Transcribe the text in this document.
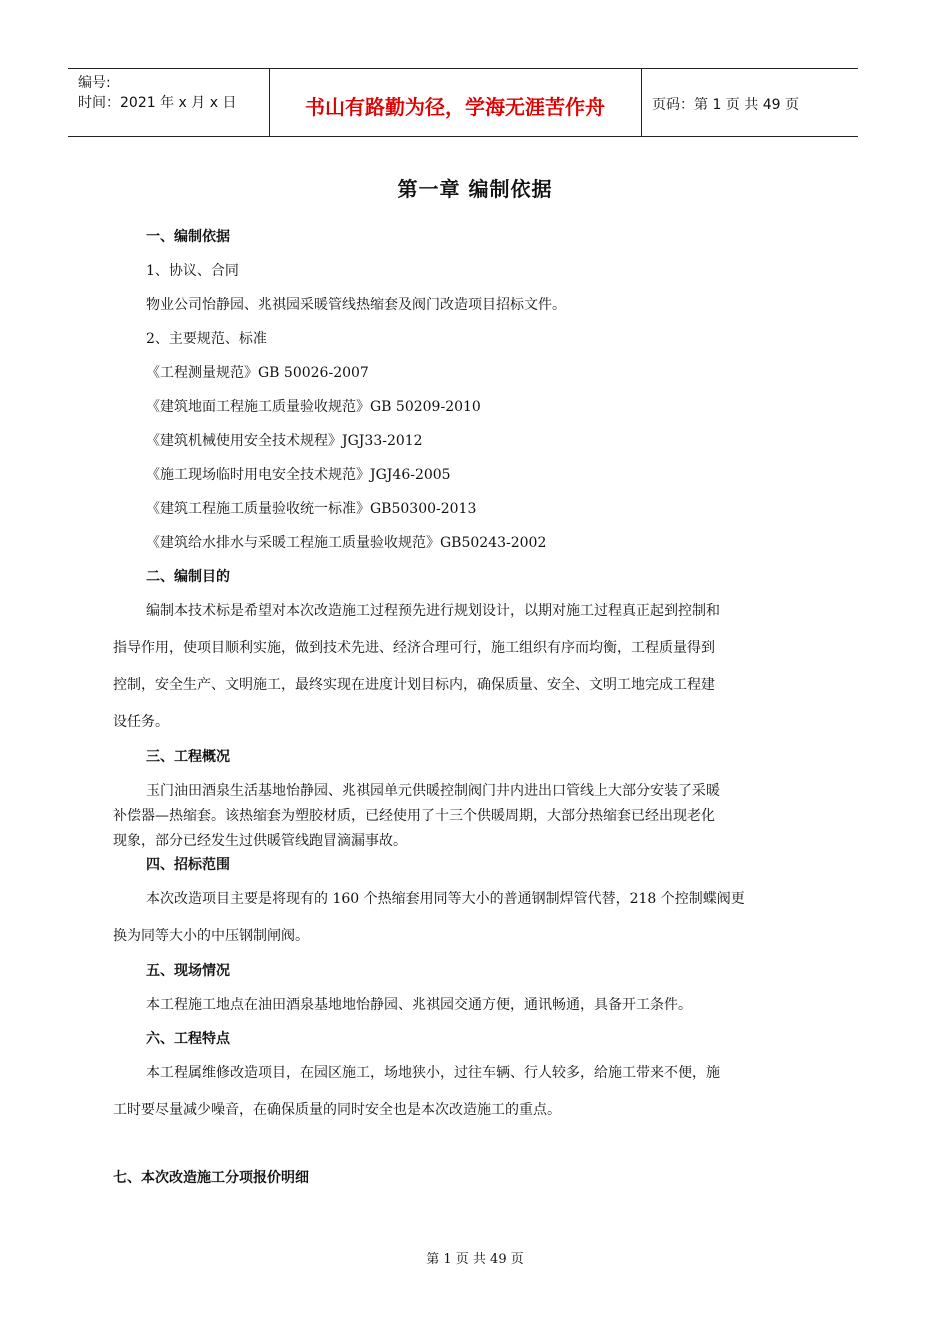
编号:
时间：2021 年 x 月 x 日	书山有路勤为径，学海无涯苦作舟	页码：第 1 页 共 49 页
第一章 编制依据
一、编制依据
1、协议、合同
物业公司怡静园、兆祺园采暖管线热缩套及阀门改造项目招标文件。
2、主要规范、标准
《工程测量规范》GB 50026-2007
《建筑地面工程施工质量验收规范》GB 50209-2010
《建筑机械使用安全技术规程》JGJ33-2012
《施工现场临时用电安全技术规范》JGJ46-2005
《建筑工程施工质量验收统一标准》GB50300-2013
《建筑给水排水与采暖工程施工质量验收规范》GB50243-2002
二、编制目的
编制本技术标是希望对本次改造施工过程预先进行规划设计，以期对施工过程真正起到控制和
指导作用，使项目顺利实施，做到技术先进、经济合理可行，施工组织有序而均衡，工程质量得到
控制，安全生产、文明施工，最终实现在进度计划目标内，确保质量、安全、文明工地完成工程建
设任务。
三、工程概况
玉门油田酒泉生活基地怡静园、兆祺园单元供暖控制阀门井内进出口管线上大部分安装了采暖
补偿器—热缩套。该热缩套为塑胶材质，已经使用了十三个供暖周期，大部分热缩套已经出现老化
现象，部分已经发生过供暖管线跑冒滴漏事故。
四、招标范围
本次改造项目主要是将现有的 160 个热缩套用同等大小的普通钢制焊管代替，218 个控制蝶阀更
换为同等大小的中压钢制闸阀。
五、现场情况
本工程施工地点在油田酒泉基地地怡静园、兆祺园交通方便，通讯畅通，具备开工条件。
六、工程特点
本工程属维修改造项目，在园区施工，场地狭小，过往车辆、行人较多，给施工带来不便，施
工时要尽量减少噪音，在确保质量的同时安全也是本次改造施工的重点。
七、本次改造施工分项报价明细
第 1 页 共 49 页
